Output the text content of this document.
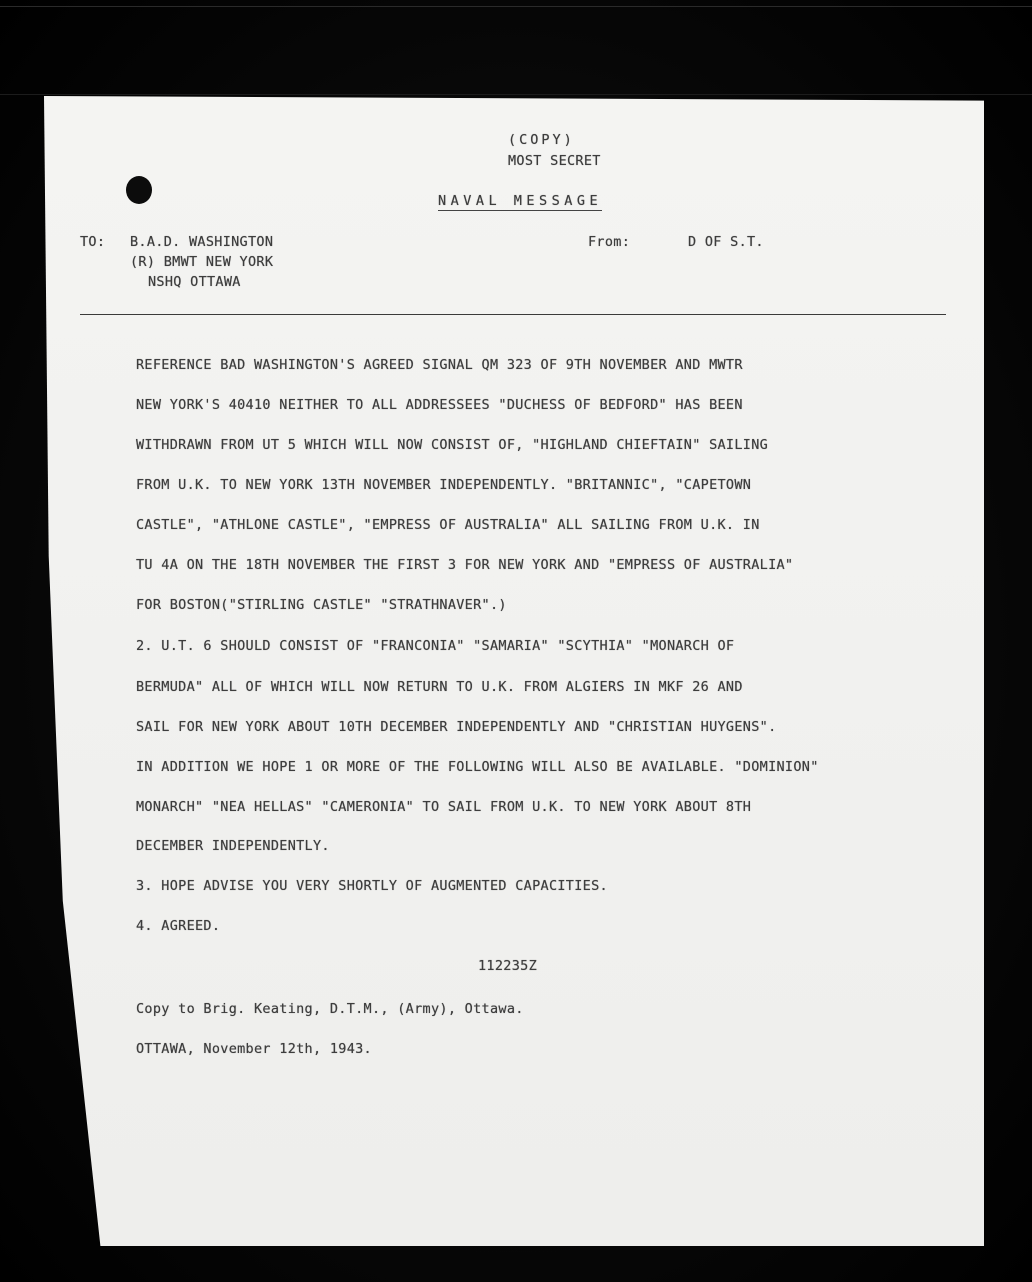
(COPY)
MOST SECRET
NAVAL MESSAGE
TO: B.A.D. WASHINGTON
(R) BMWT NEW YORK
NSHQ OTTAWA
From:	D OF S.T.
REFERENCE BAD WASHINGTON'S AGREED SIGNAL QM 323 OF 9TH NOVEMBER AND MWTR
NEW YORK'S 40410 NEITHER TO ALL ADDRESSEES "DUCHESS OF BEDFORD" HAS BEEN
WITHDRAWN FROM UT 5 WHICH WILL NOW CONSIST OF, "HIGHLAND CHIEFTAIN" SAILING
FROM U.K. TO NEW YORK 13TH NOVEMBER INDEPENDENTLY. "BRITANNIC", "CAPETOWN
CASTLE", "ATHLONE CASTLE", "EMPRESS OF AUSTRALIA" ALL SAILING FROM U.K. IN
TU 4A ON THE 18TH NOVEMBER THE FIRST 3 FOR NEW YORK AND "EMPRESS OF AUSTRALIA"
FOR BOSTON("STIRLING CASTLE" "STRATHNAVER".)
2. U.T. 6 SHOULD CONSIST OF "FRANCONIA" "SAMARIA" "SCYTHIA" "MONARCH OF
BERMUDA" ALL OF WHICH WILL NOW RETURN TO U.K. FROM ALGIERS IN MKF 26 AND
SAIL FOR NEW YORK ABOUT 10TH DECEMBER INDEPENDENTLY AND "CHRISTIAN HUYGENS".
IN ADDITION WE HOPE 1 OR MORE OF THE FOLLOWING WILL ALSO BE AVAILABLE. "DOMINION"
MONARCH" "NEA HELLAS" "CAMERONIA" TO SAIL FROM U.K. TO NEW YORK ABOUT 8TH
DECEMBER INDEPENDENTLY.
3. HOPE ADVISE YOU VERY SHORTLY OF AUGMENTED CAPACITIES.
4. AGREED.
112235Z
Copy to Brig. Keating, D.T.M., (Army), Ottawa.
OTTAWA, November 12th, 1943.
